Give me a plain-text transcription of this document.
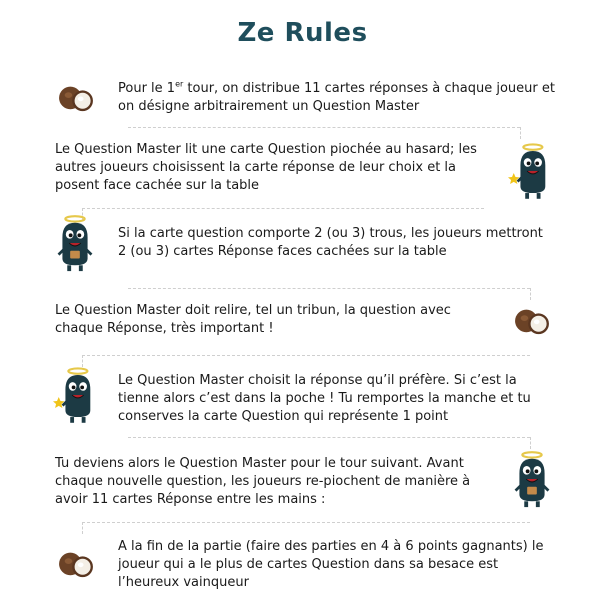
Ze Rules

Pour le 1er tour, on distribue 11 cartes réponses à chaque joueur et on désigne arbitrairement un Question Master

Le Question Master lit une carte Question piochée au hasard; les autres joueurs choisissent la carte réponse de leur choix et la posent face cachée sur la table

Si la carte question comporte 2 (ou 3) trous, les joueurs mettront 2 (ou 3) cartes Réponse faces cachées sur la table

Le Question Master doit relire, tel un tribun, la question avec chaque Réponse, très important !

Le Question Master choisit la réponse qu’il préfère. Si c’est la tienne alors c’est dans la poche ! Tu remportes la manche et tu conserves la carte Question qui représente 1 point

Tu deviens alors le Question Master pour le tour suivant. Avant chaque nouvelle question, les joueurs re-piochent de manière à avoir 11 cartes Réponse entre les mains :

A la fin de la partie (faire des parties en 4 à 6 points gagnants) le joueur qui a le plus de cartes Question dans sa besace est l’heureux vainqueur
